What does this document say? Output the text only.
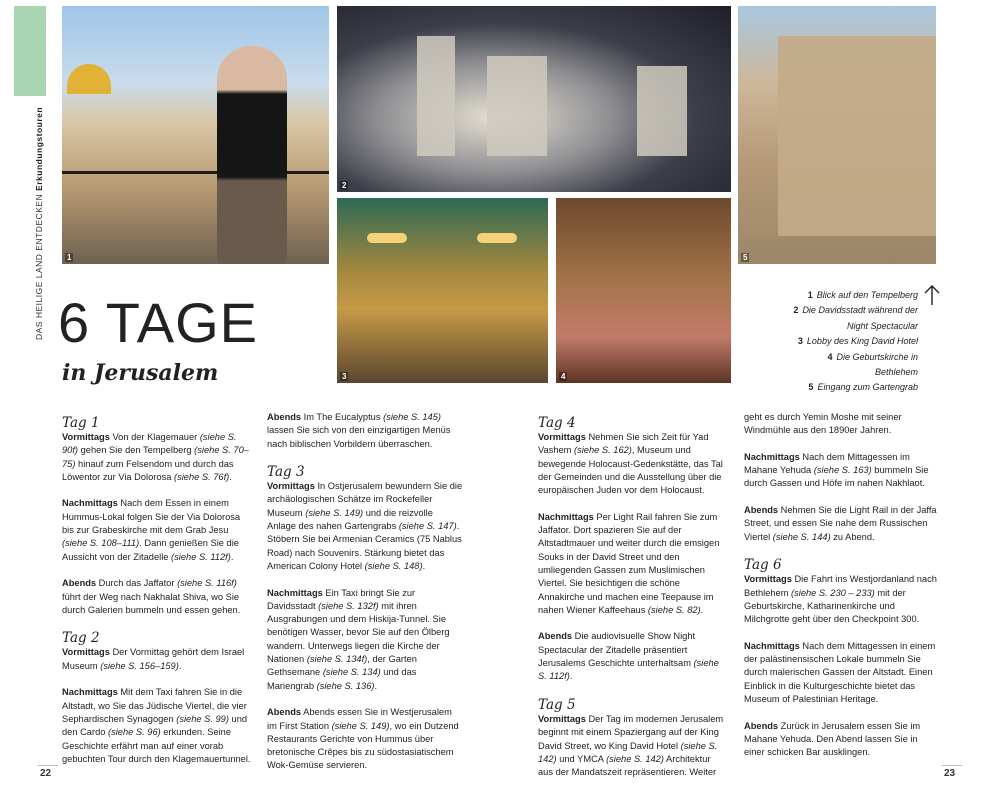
DAS HEILIGE LAND ENTDECKEN Erkundungstouren
1
2
3	4
5
1 Blick auf den Tempelberg
2 Die Davidsstadt während der Night Spectacular
3 Lobby des King David Hotel
4 Die Geburtskirche in Bethlehem
5 Eingang zum Gartengrab
6 TAGE
in Jerusalem
Tag 1

Vormittags Von der Klagemauer (siehe S. 90f) gehen Sie den Tempelberg (siehe S. 70–75) hinauf zum Felsendom und durch das Löwentor zur Via Dolorosa (siehe S. 76f).

Nachmittags Nach dem Essen in einem Hummus-Lokal folgen Sie der Via Dolorosa bis zur Grabeskirche mit dem Grab Jesu (siehe S. 108–111). Dann genießen Sie die Aussicht von der Zitadelle (siehe S. 112f).

Abends Durch das Jaffator (siehe S. 116f) führt der Weg nach Nakhalat Shiva, wo Sie durch Galerien bummeln und essen gehen.

Tag 2

Vormittags Der Vormittag gehört dem Israel Museum (siehe S. 156–159).

Nachmittags Mit dem Taxi fahren Sie in die Altstadt, wo Sie das Jüdische Viertel, die vier Sephardischen Synagogen (siehe S. 99) und den Cardo (siehe S. 96) erkunden. Seine Geschichte erfährt man auf einer vorab gebuchten Tour durch den Klagemauertunnel.

Abends Im The Eucalyptus (siehe S. 145) lassen Sie sich von den einzigartigen Menüs nach biblischen Vorbildern überraschen.

Tag 3

Vormittags In Ostjerusalem bewundern Sie die archäologischen Schätze im Rockefeller Museum (siehe S. 149) und die reizvolle Anlage des nahen Gartengrabs (siehe S. 147). Stöbern Sie bei Armenian Ceramics (75 Nablus Road) nach Souvenirs. Stärkung bietet das American Colony Hotel (siehe S. 148).

Nachmittags Ein Taxi bringt Sie zur Davidsstadt (siehe S. 132f) mit ihren Ausgrabungen und dem Hiskija-Tunnel. Sie benötigen Wasser, bevor Sie auf den Ölberg wandern. Unterwegs liegen die Kirche der Nationen (siehe S. 134f), der Garten Gethsemane (siehe S. 134) und das Mariengrab (siehe S. 136).

Abends Abends essen Sie in Westjerusalem im First Station (siehe S. 149), wo ein Dutzend Restaurants Gerichte von Hummus über bretonische Crêpes bis zu südostasiatischem Wok-Gemüse servieren.

Tag 4

Vormittags Nehmen Sie sich Zeit für Yad Vashem (siehe S. 162), Museum und bewegende Holocaust-Gedenkstätte, das Tal der Gemeinden und die Ausstellung über die europäischen Juden vor dem Holocaust.

Nachmittags Per Light Rail fahren Sie zum Jaffator. Dort spazieren Sie auf der Altstadtmauer und weiter durch die emsigen Souks in der David Street und den umliegenden Gassen zum Muslimischen Viertel. Sie besichtigen die schöne Annakirche und machen eine Teepause im nahen Wiener Kaffeehaus (siehe S. 82).

Abends Die audiovisuelle Show Night Spectacular der Zitadelle präsentiert Jerusalems Geschichte unterhaltsam (siehe S. 112f).

Tag 5

Vormittags Der Tag im modernen Jerusalem beginnt mit einem Spaziergang auf der King David Street, wo King David Hotel (siehe S. 142) und YMCA (siehe S. 142) Architektur aus der Mandatszeit repräsentieren. Weiter

geht es durch Yemin Moshe mit seiner Windmühle aus den 1890er Jahren.

Nachmittags Nach dem Mittagessen im Mahane Yehuda (siehe S. 163) bummeln Sie durch Gassen und Höfe im nahen Nakhlaot.

Abends Nehmen Sie die Light Rail in der Jaffa Street, und essen Sie nahe dem Russischen Viertel (siehe S. 144) zu Abend.

Tag 6

Vormittags Die Fahrt ins Westjordanland nach Bethlehem (siehe S. 230 – 233) mit der Geburtskirche, Katharinenkirche und Milchgrotte geht über den Checkpoint 300.

Nachmittags Nach dem Mittagessen in einem der palästinensischen Lokale bummeln Sie durch malerischen Gassen der Altstadt. Einen Einblick in die Kulturgeschichte bietet das Museum of Palestinian Heritage.

Abends Zurück in Jerusalem essen Sie im Mahane Yehuda. Den Abend lassen Sie in einer schicken Bar ausklingen.

22	23
